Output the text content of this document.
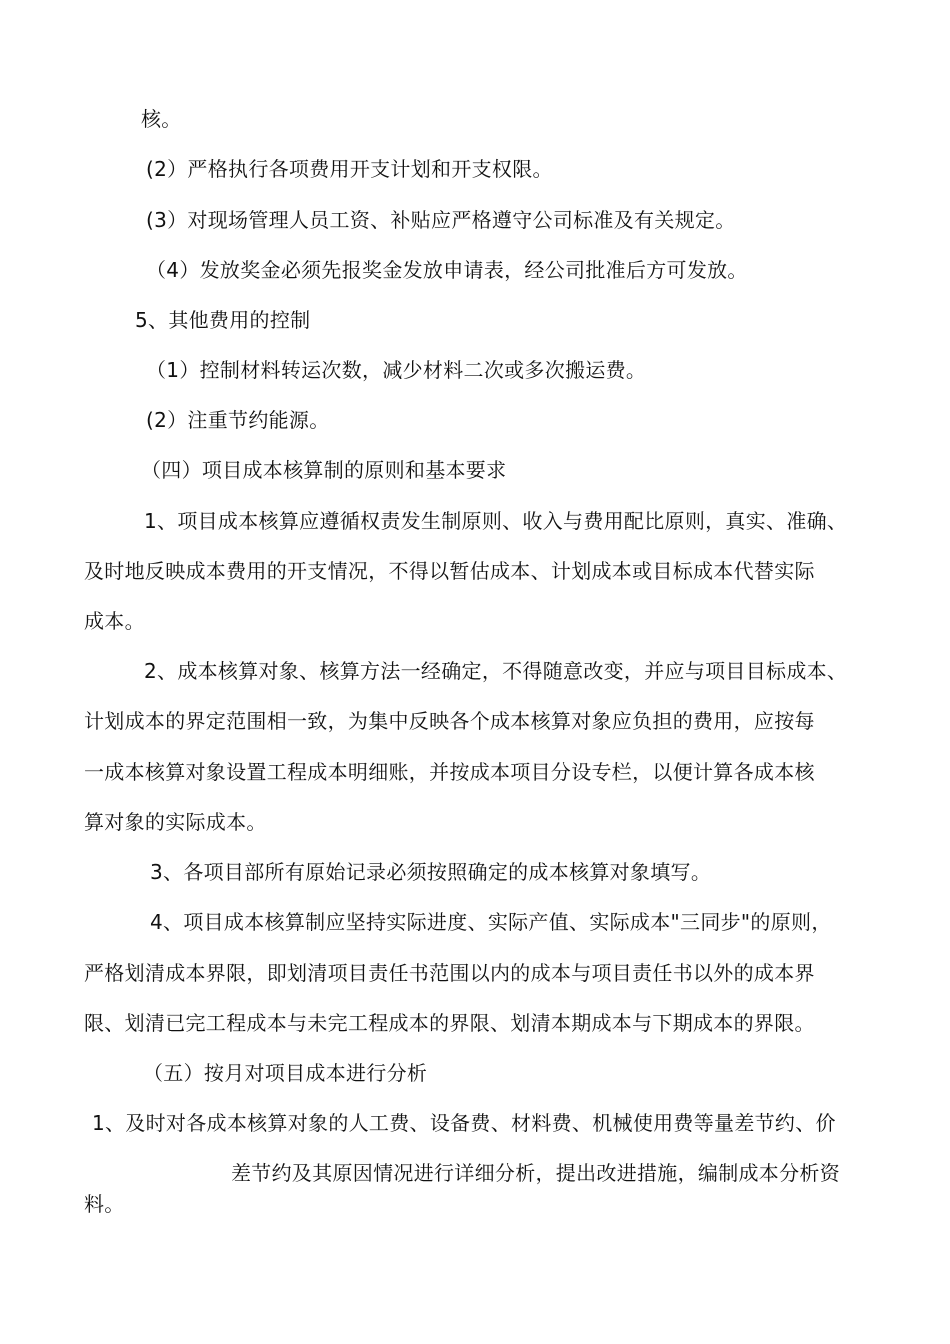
核。
(2）严格执行各项费用开支计划和开支权限。
(3）对现场管理人员工资、补贴应严格遵守公司标准及有关规定。
（4）发放奖金必须先报奖金发放申请表，经公司批准后方可发放。
5、其他费用的控制
（1）控制材料转运次数，减少材料二次或多次搬运费。
(2）注重节约能源。
（四）项目成本核算制的原则和基本要求
1、项目成本核算应遵循权责发生制原则、收入与费用配比原则，真实、准确、
及时地反映成本费用的开支情况，不得以暂估成本、计划成本或目标成本代替实际
成本。
2、成本核算对象、核算方法一经确定，不得随意改变，并应与项目目标成本、
计划成本的界定范围相一致，为集中反映各个成本核算对象应负担的费用，应按每
一成本核算对象设置工程成本明细账，并按成本项目分设专栏，以便计算各成本核
算对象的实际成本。
3、各项目部所有原始记录必须按照确定的成本核算对象填写。
4、项目成本核算制应坚持实际进度、实际产值、实际成本"三同步"的原则，
严格划清成本界限，即划清项目责任书范围以内的成本与项目责任书以外的成本界
限、划清已完工程成本与未完工程成本的界限、划清本期成本与下期成本的界限。
（五）按月对项目成本进行分析
1、及时对各成本核算对象的人工费、设备费、材料费、机械使用费等量差节约、价
差节约及其原因情况进行详细分析，提出改进措施，编制成本分析资
料。
